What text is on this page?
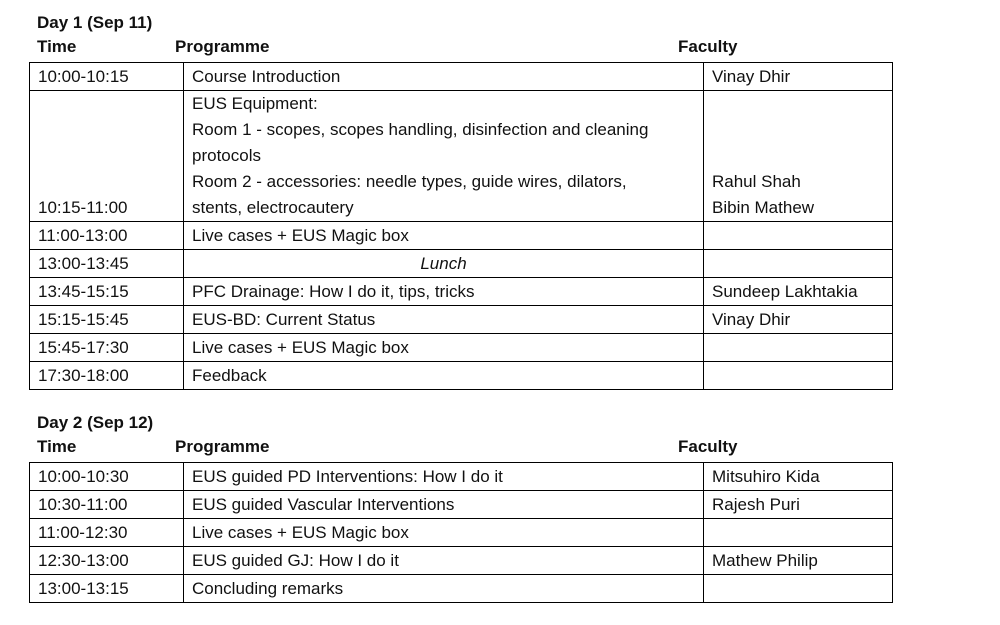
Day 1 (Sep 11)
Time	Programme	Faculty
10:00-10:15	Course Introduction	Vinay Dhir

10:15-11:00	EUS Equipment:
Room 1 - scopes, scopes handling, disinfection and cleaning
protocols
Room 2 - accessories: needle types, guide wires, dilators,
stents, electrocautery	Rahul Shah
Bibin Mathew

11:00-13:00	Live cases + EUS Magic box	

13:00-13:45	Lunch	

13:45-15:15	PFC Drainage: How I do it, tips, tricks	Sundeep Lakhtakia

15:15-15:45	EUS-BD: Current Status	Vinay Dhir

15:45-17:30	Live cases + EUS Magic box	

17:30-18:00	Feedback	

Day 2 (Sep 12)
Time	Programme	Faculty
10:00-10:30	EUS guided PD Interventions: How I do it	Mitsuhiro Kida

10:30-11:00	EUS guided Vascular Interventions	Rajesh Puri

11:00-12:30	Live cases + EUS Magic box	

12:30-13:00	EUS guided GJ: How I do it	Mathew Philip

13:00-13:15	Concluding remarks	
